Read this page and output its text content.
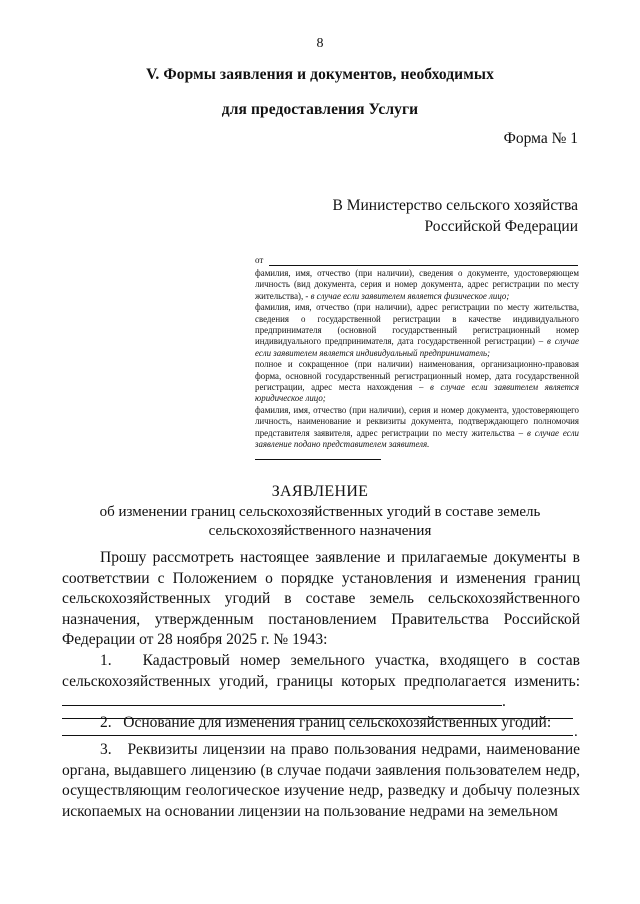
8
V. Формы заявления и документов, необходимых
для предоставления Услуги
Форма № 1
В Министерство сельского хозяйства
Российской Федерации
от

фамилия, имя, отчество (при наличии), сведения о документе, удостоверяющем личность (вид документа, серия и номер документа, адрес регистрации по месту жительства), - в случае если заявителем является физическое лицо;

фамилия, имя, отчество (при наличии), адрес регистрации по месту жительства, сведения о государственной регистрации в качестве индивидуального предпринимателя (основной государственный регистрационный номер индивидуального предпринимателя, дата государственной регистрации) – в случае если заявителем является индивидуальный предприниматель;

полное и сокращенное (при наличии) наименования, организационно-правовая форма, основной государственный регистрационный номер, дата государственной регистрации, адрес места нахождения – в случае если заявителем является юридическое лицо;

фамилия, имя, отчество (при наличии), серия и номер документа, удостоверяющего личность, наименование и реквизиты документа, подтверждающего полномочия представителя заявителя, адрес регистрации по месту жительства – в случае если заявление подано представителем заявителя.

ЗАЯВЛЕНИЕ
об изменении границ сельскохозяйственных угодий в составе земель
сельскохозяйственного назначения

Прошу рассмотреть настоящее заявление и прилагаемые документы в соответствии с Положением о порядке установления и изменения границ сельскохозяйственных угодий в составе земель сельскохозяйственного назначения, утвержденным постановлением Правительства Российской Федерации от 28 ноября 2025 г. № 1943:

1.   Кадастровый номер земельного участка, входящего в состав сельскохозяйственных угодий, границы которых предполагается изменить:.

2.   Основание для изменения границ сельскохозяйственных угодий:

.

3.   Реквизиты лицензии на право пользования недрами, наименование органа, выдавшего лицензию (в случае подачи заявления пользователем недр, осуществляющим геологическое изучение недр, разведку и добычу полезных ископаемых на основании лицензии на пользование недрами на земельном
